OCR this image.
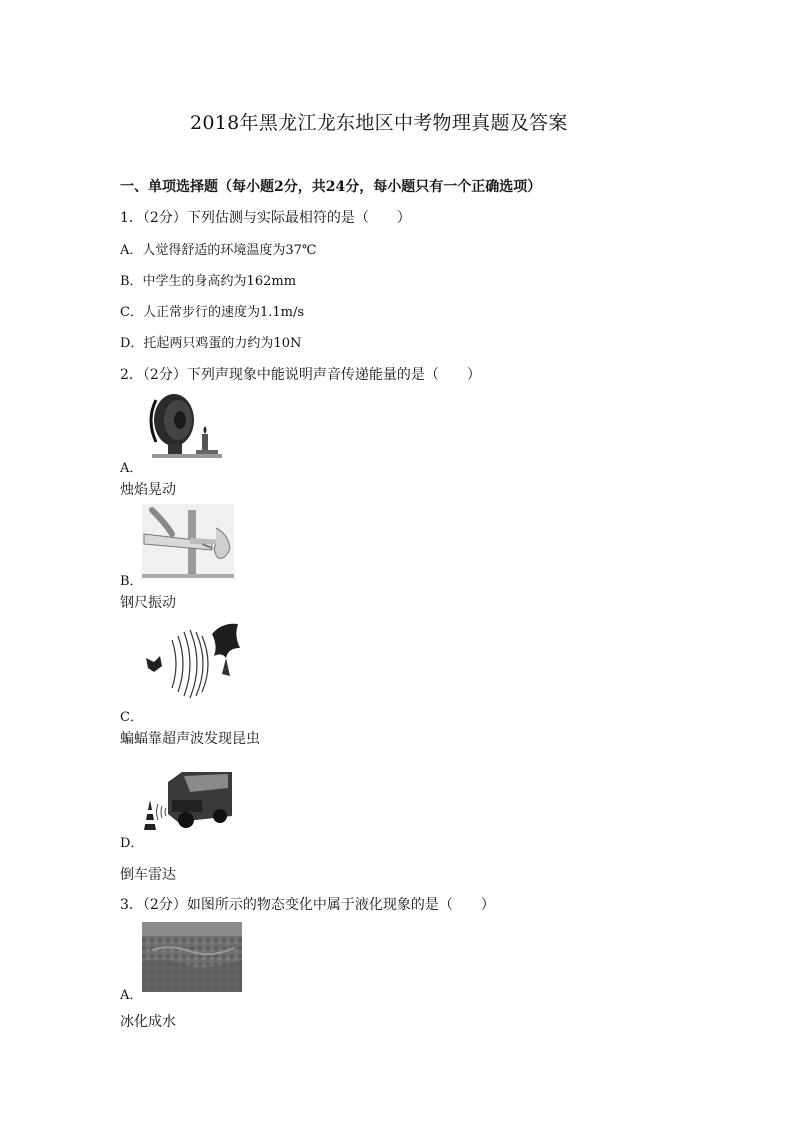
2018年黑龙江龙东地区中考物理真题及答案
一、单项选择题（每小题2分，共24分，每小题只有一个正确选项）
1．（2分）下列估测与实际最相符的是（　　）
A．人觉得舒适的环境温度为37℃
B．中学生的身高约为162mm
C．人正常步行的速度为1.1m/s
D．托起两只鸡蛋的力约为10N
2．（2分）下列声现象中能说明声音传递能量的是（　　）
A．
烛焰晃动
B．
钢尺振动
C．
蝙蝠靠超声波发现昆虫
D．
倒车雷达
3．（2分）如图所示的物态变化中属于液化现象的是（　　）
A．
冰化成水
